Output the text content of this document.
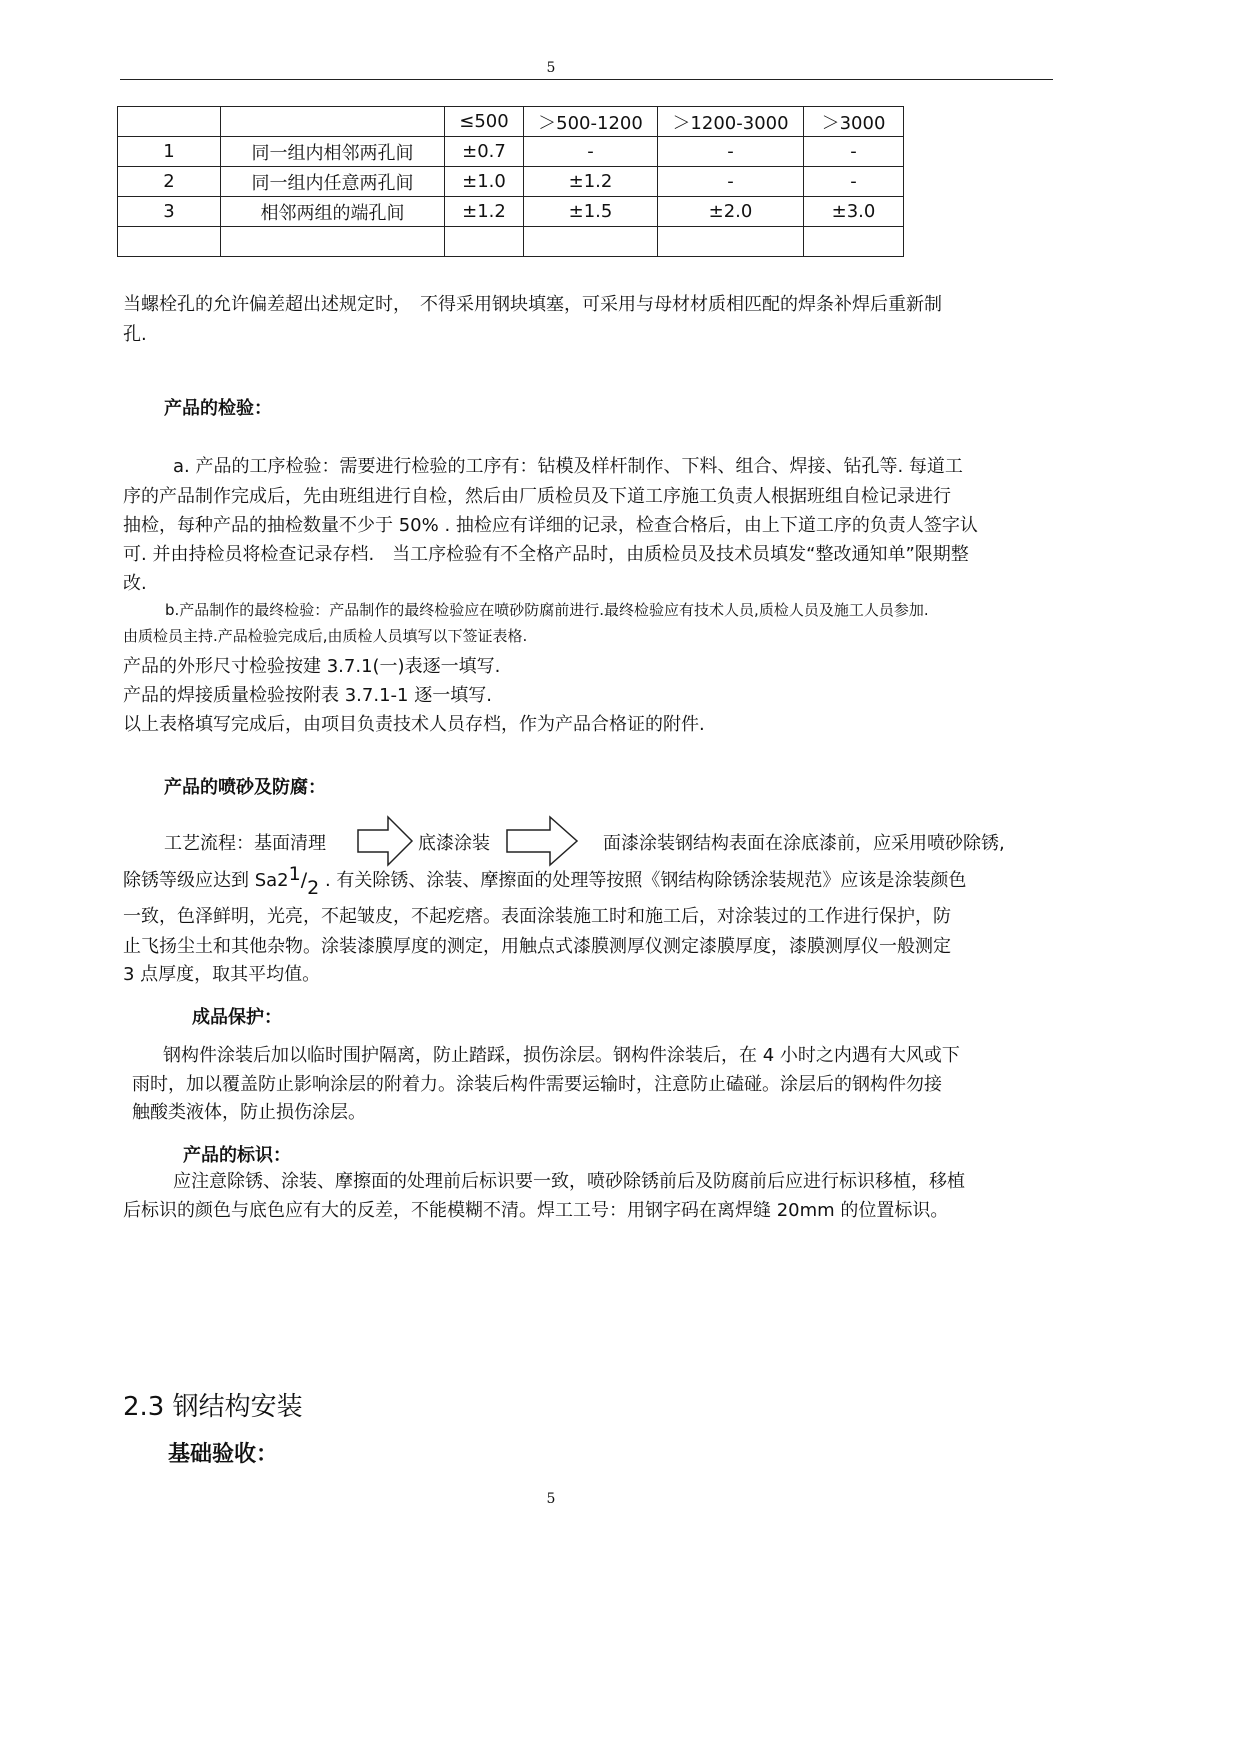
5
		≤500	＞500-1200	＞1200-3000	＞3000
1	同一组内相邻两孔间	±0.7	-	-	-
2	同一组内任意两孔间	±1.0	±1.2	-	-
3	相邻两组的端孔间	±1.2	±1.5	±2.0	±3.0

当螺栓孔的允许偏差超出述规定时，　不得采用钢块填塞，可采用与母材材质相匹配的焊条补焊后重新制
孔.
产品的检验：
a. 产品的工序检验：需要进行检验的工序有：钻模及样杆制作、下料、组合、焊接、钻孔等. 每道工
序的产品制作完成后，先由班组进行自检，然后由厂质检员及下道工序施工负责人根据班组自检记录进行
抽检，每种产品的抽检数量不少于 50% . 抽检应有详细的记录，检查合格后，由上下道工序的负责人签字认
可. 并由持检员将检查记录存档.　当工序检验有不全格产品时，由质检员及技术员填发“整改通知单”限期整
改.
b.产品制作的最终检验：产品制作的最终检验应在喷砂防腐前进行.最终检验应有技术人员,质检人员及施工人员参加.
由质检员主持.产品检验完成后,由质检人员填写以下签证表格.
产品的外形尺寸检验按建 3.7.1(一)表逐一填写.
产品的焊接质量检验按附表 3.7.1-1 逐一填写.
以上表格填写完成后，由项目负责技术人员存档，作为产品合格证的附件.
产品的喷砂及防腐：
工艺流程：基面清理	底漆涂装	面漆涂装钢结构表面在涂底漆前，应采用喷砂除锈,
除锈等级应达到 Sa21/2 . 有关除锈、涂装、摩擦面的处理等按照《钢结构除锈涂装规范》应该是涂装颜色
一致，色泽鲜明，光亮，不起皱皮，不起疙瘩。表面涂装施工时和施工后，对涂装过的工作进行保护，防
止飞扬尘土和其他杂物。涂装漆膜厚度的测定，用触点式漆膜测厚仪测定漆膜厚度，漆膜测厚仪一般测定
3 点厚度，取其平均值。
成品保护：
钢构件涂装后加以临时围护隔离，防止踏踩，损伤涂层。钢构件涂装后，在 4 小时之内遇有大风或下
雨时，加以覆盖防止影响涂层的附着力。涂装后构件需要运输时，注意防止磕碰。涂层后的钢构件勿接
触酸类液体，防止损伤涂层。
产品的标识：
应注意除锈、涂装、摩擦面的处理前后标识要一致，喷砂除锈前后及防腐前后应进行标识移植，移植
后标识的颜色与底色应有大的反差，不能模糊不清。焊工工号：用钢字码在离焊缝 20mm 的位置标识。
2.3 钢结构安装
基础验收：
5
